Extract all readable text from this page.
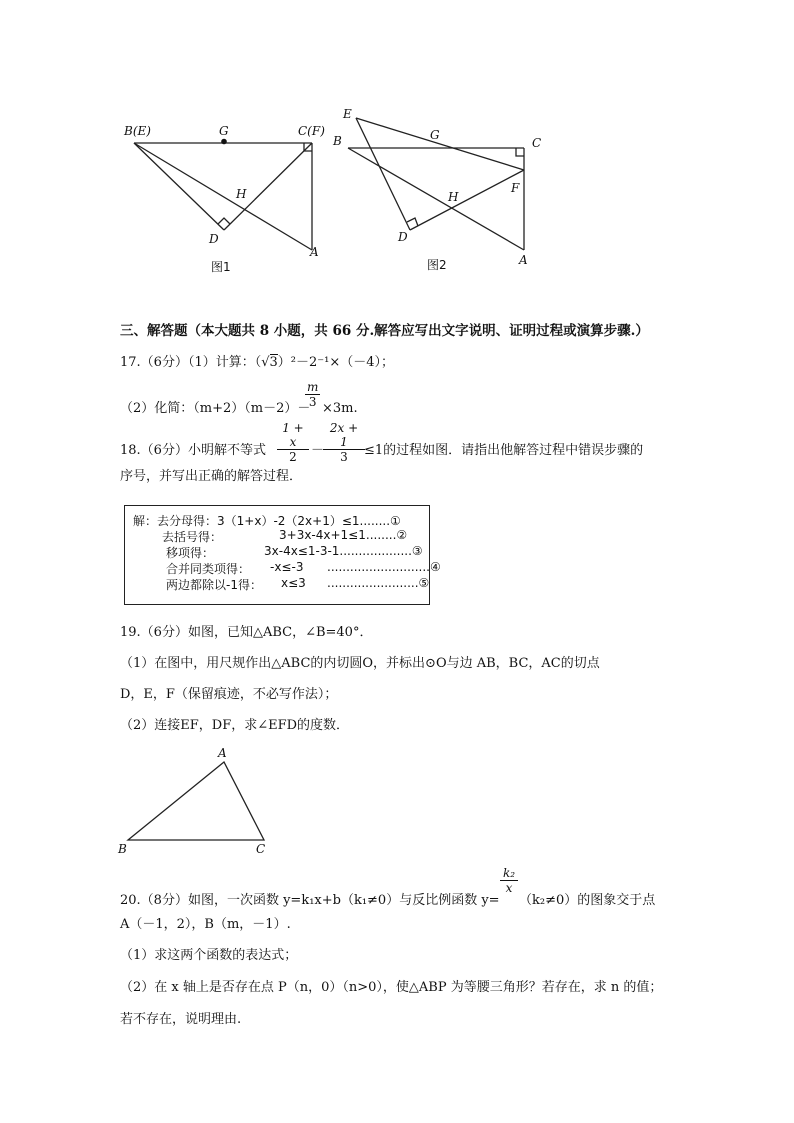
B(E)	G	C(F)
H
D
A
图1
E
B	G
C
F
H
D
A
图2
三、解答题（本大题共 8 小题，共 66 分.解答应写出文字说明、证明过程或演算步骤.）
17.（6分）（1）计算：（√3）²－2⁻¹×（－4）；
（2）化简：（m+2）（m－2）－
$\frac{m}{3} \times 3m$.
18.（6分）小明解不等式 $\frac{1 + x}{2}$ －
$\frac{2x + 1}{3} \le 1$的过程如图．请指出他解答过程中错误步骤的
序号，并写出正确的解答过程．
解：去分母得：3（1+x）-2（2x+1）≤1........①
去括号得：	3+3x-4x+1≤1........②
移项得：	3x-4x≤1-3-1...................③
合并同类项得： -x≤-3 ...........................④
两边都除以-1得： x≤3 ........................⑤
19.（6分）如图，已知△ABC，∠B=40°．
（1）在图中，用尺规作出△ABC的内切圆O，并标出⊙O与边 AB，BC，AC的切点
D，E，F（保留痕迹，不必写作法）；
（2）连接EF，DF，求∠EFD的度数．
A
B	C
20.（8分）如图，一次函数 y=k₁x+b（k₁≠0）与反比例函数 y=
$\frac{\text{k₂}}{x}$
（k₂≠0）的图象交于点
A（－1，2），B（m，－1）.
（1）求这两个函数的表达式；
（2）在 x 轴上是否存在点 P（n，0）（n>0），使△ABP 为等腰三角形？若存在，求 n 的值；
若不存在，说明理由.
